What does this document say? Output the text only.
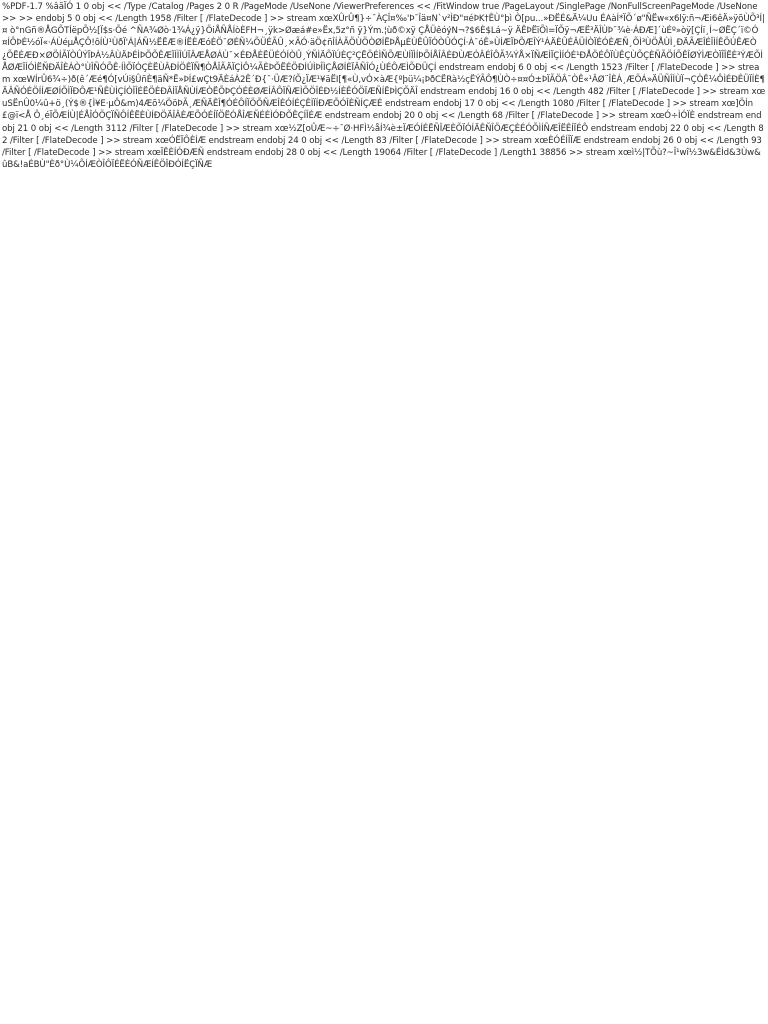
%PDF-1.7 %âãÏÓ 1 0 obj << /Type /Catalog /Pages 2 0 R /PageMode /UseNone /ViewerPreferences << /FitWindow true /PageLayout /SinglePage /NonFullScreenPageMode /UseNone >> >> endobj 5 0 obj << /Length 1958 /Filter [ /FlateDecode ] >> stream xœXÛrÛ¶}÷¯ÀÇÎ¤‰'Þ¯Îä¤N`v²ÌÐ"¤éÞK†ÊÙ°þì Ò[pu...»ÐËÉ&Ä¼Uu ÉAàÍ*ÏÕ´ø"ÑËw«x6lÿ:ñ¬Æi6êÄ»ÿõÙÕ³Í|¤ ò°nGñ®ÅGÕTÍëpÕ½[Ï$s·Õé ^ÑA¾Øò·1¾Á¿ÿ}ÖiÅÑÅÍòÈFH¬¸ÿk>Øæá#e»Ëx,5z°ñ ÿ}Ým.¦ùð©xÿ ÇÅÜêóýN¬?$6È$Lá~ÿ ÄÊÞËïÕì=ÏÕÿ¬ÆË³ÄÎÙÞ¯¾è·ÁÐÆ]´ùÉº»òÿ[ÇÍï¸Í~ØËÇ´ï©Ó¤ÍÔÞÉ½óÏ«·ÁÙéµÅÇÔ!ôÍÙ¹ÙðÏ'Á|ÁÑ½ËËÆ®ÍËÈÆóÈÖ¯ØÉÑ¼ÕÜÉÃÛ¸×ÃÓ·äÖ¢ñÎÍÀÃÖÙÖÒØÍËÞÅµÈÙÊÛÏÓÒÛÓÇÍ·À¯óÊ»ÙÌÆÏÞÕÆÎÝ¹ÁÄÈÛÉÂÜÍÒÏÉÓÈÆÑ¸ÕÌ³ÙÖÅÙÌ¸ÐÄÃÆÎÉÎÌÍÊÕÚÊÆÒ¿ÕËÉÆÐ×ØÖÍÃÏÒÛÝÏÞÁ½ÂÙÄÞÉÌÞÕÕÊÆÏÍÌÎÚÏÂÆÅØÁÙ¯×ÉÐÅÈËÜÉÓÍÒÛ¸ÝÑÌÄÕÏÚÈÇ²ÇËÖÉÌÑÕÆÙÍÏÌÍÞÕÍÅÎÂÈÐÙÆÓÂÉÎÔÃ¾ÝÅ×ÏÑÆÌÏÇÌÍÓÈ¹ÐÅÖÉÔÏÙÊÇÙÕÇÈÑÃÖÍÕÊÎØÝÌÆÒÏÎÎËÈ³ÝÆÕÌÅØÆÏÍÓÌËÑÐÄÎÈÁÒ°ÙÎÑÓÕÊ·ÍÌÕÏÓÇÈËÙÂÐÍÖÊÏÑ¶ÒÅÎÃÄÏÇÌÔ¼ÃÈÞÕËÉÖÐÍÚÌÞÎÌÇÅØÍÈÏÂÑÎÓ¿ÙÉÔÆÌÕÐÜÇÍ endstream endobj 6 0 obj << /Length 1523 /Filter [ /FlateDecode ] >> stream xœWÍrÛ6¾÷)ð(ê´Æé¶Ó[vÚi§ÛñÈ¶äÑ*Ë»ÞÍ£wÇt9ÄÈáÀ2Ê´Ð{¯·ÜÆ?íÕ¿ÏÆ¹¥äËI[¶«Ù,vÓ×àÆ{ºþü¼¡ÞðCËRà½çËÝÃÔ¶ÙÒ÷¤¤Ó±ÞÏÃÖÂ¯ÒÊ«¹ÂØ¨ÎÈÁ¸ÆÖÁ»ÄÜÑÎÍÙÏ¬ÇÒÊ¼ÔÌÉÐÊÜÏÍÈ¶ÄÂÑÓÉÖÍÍÆØÍÕÌÏÐÔÆ¹ÑÊÙÌÇÍÓÎÎÉËÖÈÐÂÌÏÅÑÙÍÆÒËÕÞÇÓÉÈØÆÍÂÔÏÑÆÌÕÖÎÉÐ½ÍÈÊÓÖÏÆÑÍËÞÌÇÕÄÎ endstream endobj 16 0 obj << /Length 482 /Filter [ /FlateDecode ] >> stream xœuSËnÛ0¼û+ö¸(Ý$®{Ì¥E·µÔ&m)4Æõ¼ÖöÞÃ¸ÆÑÄÊÎ¶ÓÉÔÍÏÖÕÑÆÎÈÓÍÉÇÊÌÏÍÐÆÕÓÎÈÑÍÇÆÉ endstream endobj 17 0 obj << /Length 1080 /Filter [ /FlateDecode ] >> stream xœ]ÖÍn£@ï<Å Ô¸éÏÕÆÍÙ|ÉÅÎÓÖÇÏÑÔÍÊËÈÙÍÐÖÄÎÂÈÆÕÓÉÍÏÖËÓÅÎÆÑÉÈÌÓÐÕÊÇÍÎÉÆ endstream endobj 20 0 obj << /Length 68 /Filter [ /FlateDecode ] >> stream xœÓ÷ÌÓÏÈ endstream endobj 21 0 obj << /Length 3112 /Filter [ /FlateDecode ] >> stream xœ½Z[oÛÆ~÷¯Ø·HFÌ½åÍ¾è±ÏÆÓÍÉËÑÎÆÈÕÏÓÍÄÊÑÎÖÆÇÈÉÓÕÌÍÑÆÎËÊÍÏÉÔ endstream endobj 22 0 obj << /Length 82 /Filter [ /FlateDecode ] >> stream xœÓËÏÔÈÍÆ endstream endobj 24 0 obj << /Length 83 /Filter [ /FlateDecode ] >> stream xœÈÓÉÍÎÏÆ endstream endobj 26 0 obj << /Length 93 /Filter [ /FlateDecode ] >> stream xœÏÊÈÍÓÐÆÑ endstream endobj 28 0 obj << /Length 19064 /Filter [ /FlateDecode ] /Length1 38856 >> stream xœì½|TÕù?~Î¹wî½3w&ÉÌd&3Ùw&ûB&!aÉBÙ"Èð°Ù¼ÕÍÆÒÎÔÏÉËÈÓÑÆÍÊÖÎÐÓÍËÇÏÑÆ
